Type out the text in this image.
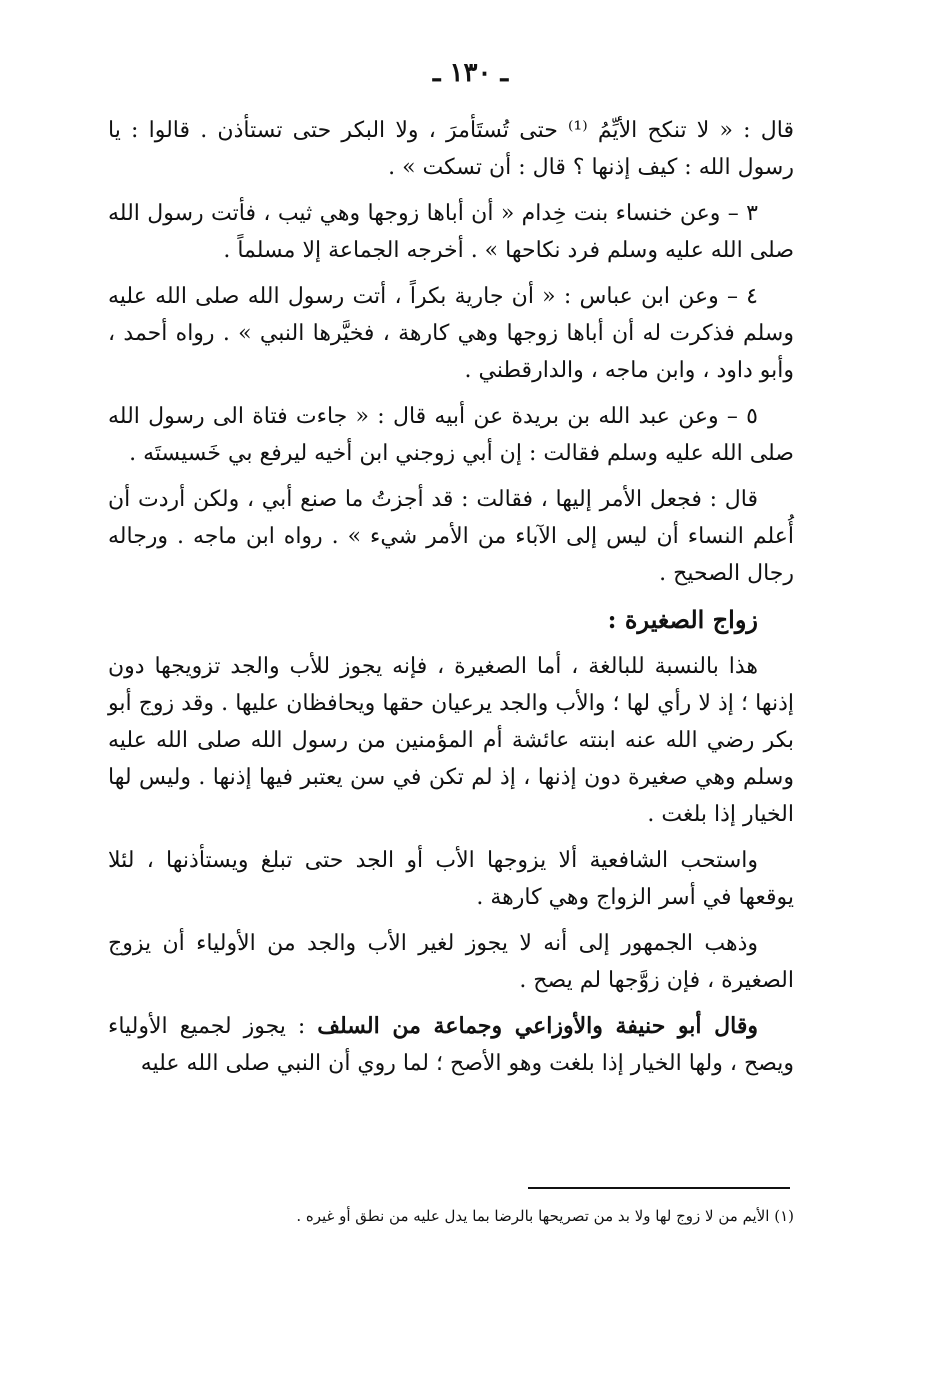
ـ ١٣٠ ـ

قال : « لا تنكح الأيِّمُ ⁽¹⁾ حتى تُستَأمرَ ، ولا البكر حتى تستأذن . قالوا : يا رسول الله : كيف إذنها ؟ قال : أن تسكت » .

٣ – وعن خنساء بنت خِدام « أن أباها زوجها وهي ثيب ، فأتت رسول الله صلى الله عليه وسلم فرد نكاحها » . أخرجه الجماعة إلا مسلماً .

٤ – وعن ابن عباس : « أن جارية بكراً ، أتت رسول الله صلى الله عليه وسلم فذكرت له أن أباها زوجها وهي كارهة ، فخيَّرها النبي » . رواه أحمد ، وأبو داود ، وابن ماجه ، والدارقطني .

٥ – وعن عبد الله بن بريدة عن أبيه قال : « جاءت فتاة الى رسول الله صلى الله عليه وسلم فقالت : إن أبي زوجني ابن أخيه ليرفع بي خَسيستَه .

قال : فجعل الأمر إليها ، فقالت : قد أجزتُ ما صنع أبي ، ولكن أردت أن أُعلم النساء أن ليس إلى الآباء من الأمر شيء » . رواه ابن ماجه . ورجاله رجال الصحيح .

زواج الصغيرة :

هذا بالنسبة للبالغة ، أما الصغيرة ، فإنه يجوز للأب والجد تزويجها دون إذنها ؛ إذ لا رأي لها ؛ والأب والجد يرعيان حقها ويحافظان عليها . وقد زوج أبو بكر رضي الله عنه ابنته عائشة أم المؤمنين من رسول الله صلى الله عليه وسلم وهي صغيرة دون إذنها ، إذ لم تكن في سن يعتبر فيها إذنها . وليس لها الخيار إذا بلغت .

واستحب الشافعية ألا يزوجها الأب أو الجد حتى تبلغ ويستأذنها ، لئلا يوقعها في أسر الزواج وهي كارهة .

وذهب الجمهور إلى أنه لا يجوز لغير الأب والجد من الأولياء أن يزوج الصغيرة ، فإن زوَّجها لم يصح .

وقال أبو حنيفة والأوزاعي وجماعة من السلف : يجوز لجميع الأولياء ويصح ، ولها الخيار إذا بلغت وهو الأصح ؛ لما روي أن النبي صلى الله عليه

(١) الأيم من لا زوج لها ولا بد من تصريحها بالرضا بما يدل عليه من نطق أو غيره .
